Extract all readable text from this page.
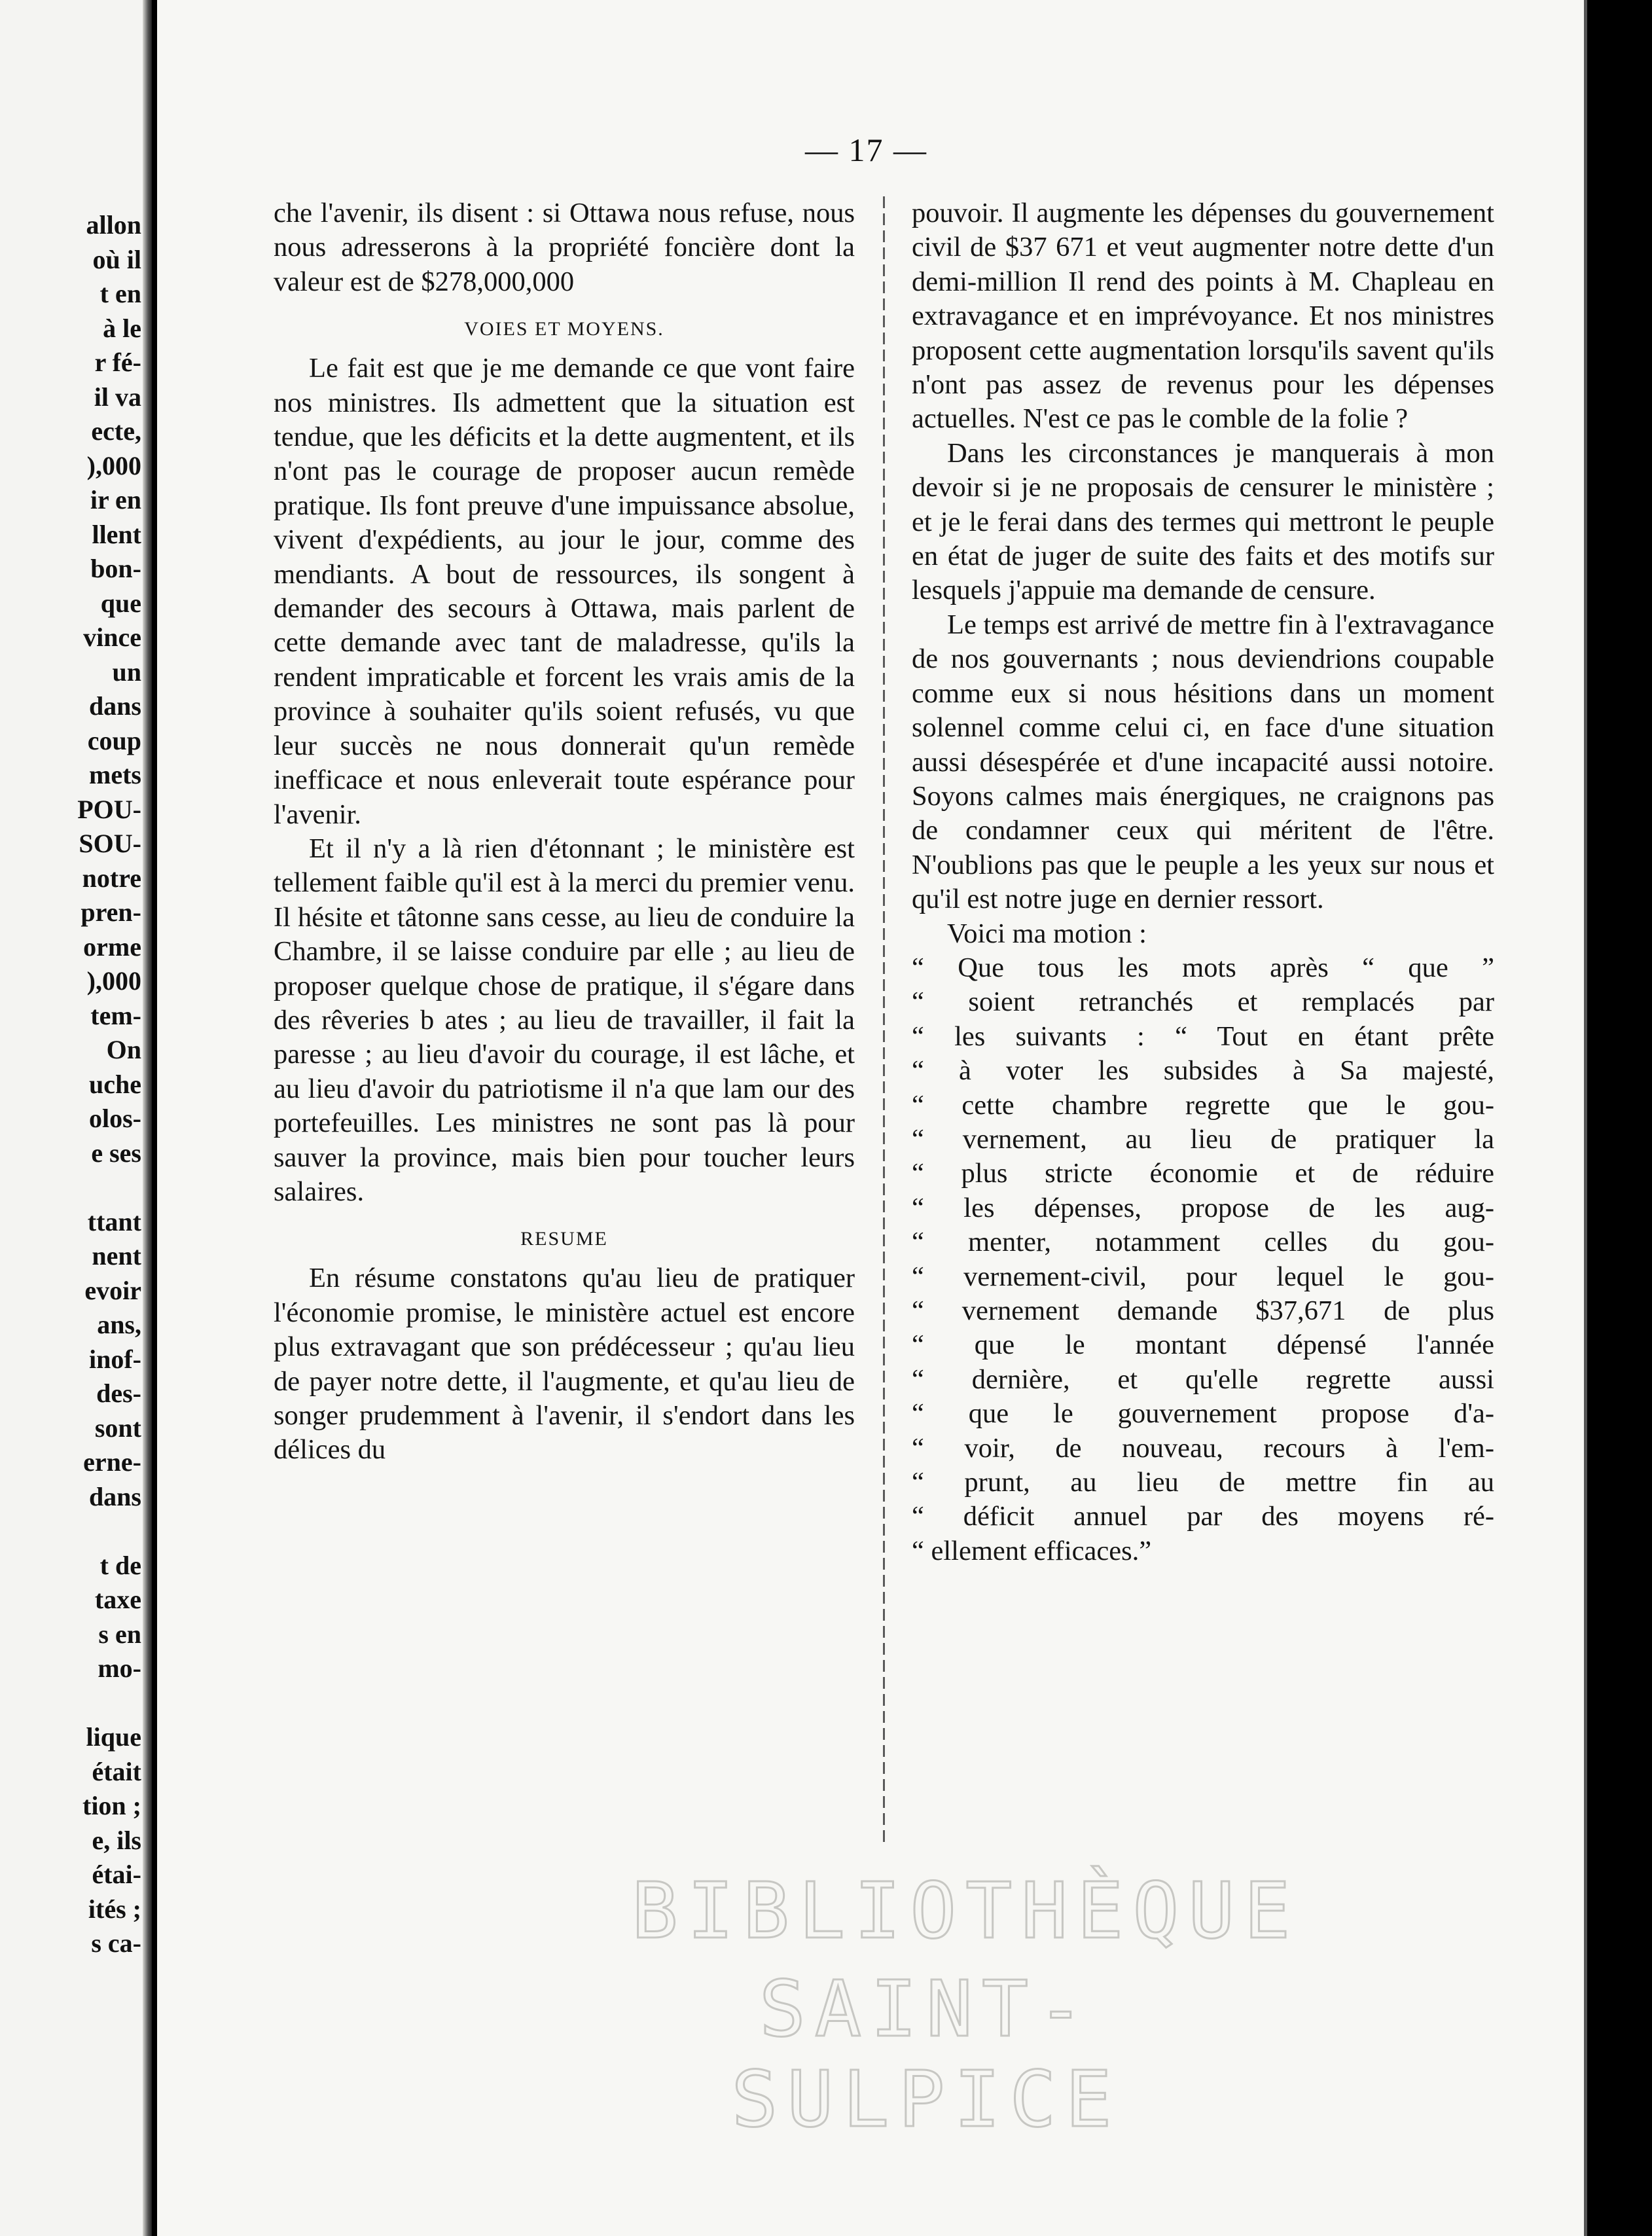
allon
où il
t en
à le
r fé-
il va
ecte,
),000
ir en
llent
bon-
que
vince
un
dans
coup
mets
POU-
SOU-
notre
pren-
orme
),000
tem-
On
uche
olos-
e ses
ttant
nent
evoir
ans,
inof-
des-
sont
erne-
dans
t de
taxe
s en
mo-
lique
était
tion ;
e, ils
étai-
ités ;
s ca-
— 17 —

che l'avenir, ils disent : si Ottawa nous refuse, nous nous adresserons à la propriété foncière dont la valeur est de $278,000,000

VOIES ET MOYENS.

Le fait est que je me demande ce que vont faire nos ministres. Ils admettent que la situation est tendue, que les déficits et la dette augmentent, et ils n'ont pas le courage de proposer aucun remède pratique. Ils font preuve d'une impuissance absolue, vivent d'expédients, au jour le jour, comme des mendiants. A bout de ressources, ils songent à demander des secours à Ottawa, mais parlent de cette demande avec tant de maladresse, qu'ils la rendent impraticable et forcent les vrais amis de la province à souhaiter qu'ils soient refusés, vu que leur succès ne nous donnerait qu'un remède inefficace et nous enleverait toute espérance pour l'avenir.

Et il n'y a là rien d'étonnant ; le ministère est tellement faible qu'il est à la merci du premier venu. Il hésite et tâtonne sans cesse, au lieu de conduire la Chambre, il se laisse conduire par elle ; au lieu de proposer quelque chose de pratique, il s'égare dans des rêveries b ates ; au lieu de travailler, il fait la paresse ; au lieu d'avoir du courage, il est lâche, et au lieu d'avoir du patriotisme il n'a que lam our des portefeuilles. Les ministres ne sont pas là pour sauver la province, mais bien pour toucher leurs salaires.

RESUME

En résume constatons qu'au lieu de pratiquer l'économie promise, le ministère actuel est encore plus extravagant que son prédécesseur ; qu'au lieu de payer notre dette, il l'augmente, et qu'au lieu de songer prudemment à l'avenir, il s'endort dans les délices du

pouvoir. Il augmente les dépenses du gouvernement civil de $37 671 et veut augmenter notre dette d'un demi-million Il rend des points à M. Chapleau en extravagance et en imprévoyance. Et nos ministres proposent cette augmentation lorsqu'ils savent qu'ils n'ont pas assez de revenus pour les dépenses actuelles. N'est ce pas le comble de la folie ?

Dans les circonstances je manquerais à mon devoir si je ne proposais de censurer le ministère ; et je le ferai dans des termes qui mettront le peuple en état de juger de suite des faits et des motifs sur lesquels j'appuie ma demande de censure.

Le temps est arrivé de mettre fin à l'extravagance de nos gouvernants ; nous deviendrions coupable comme eux si nous hésitions dans un moment solennel comme celui ci, en face d'une situation aussi désespérée et d'une incapacité aussi notoire. Soyons calmes mais énergiques, ne craignons pas de condamner ceux qui méritent de l'être. N'oublions pas que le peuple a les yeux sur nous et qu'il est notre juge en dernier ressort.

Voici ma motion :

“ Que tous les mots après “ que ”

“ soient retranchés et remplacés par

“ les suivants : “ Tout en étant prête

“ à voter les subsides à Sa majesté,

“ cette chambre regrette que le gou-

“ vernement, au lieu de pratiquer la

“ plus stricte économie et de réduire

“ les dépenses, propose de les aug-

“ menter, notamment celles du gou-

“ vernement-civil, pour lequel le gou-

“ vernement demande $37,671 de plus

“ que le montant dépensé l'année

“ dernière, et qu'elle regrette aussi

“ que le gouvernement propose d'a-

“ voir, de nouveau, recours à l'em-

“ prunt, au lieu de mettre fin au

“ déficit annuel par des moyens ré-

“ ellement efficaces.”

BIBLIOTHÈQUE
SAINT-SULPICE
